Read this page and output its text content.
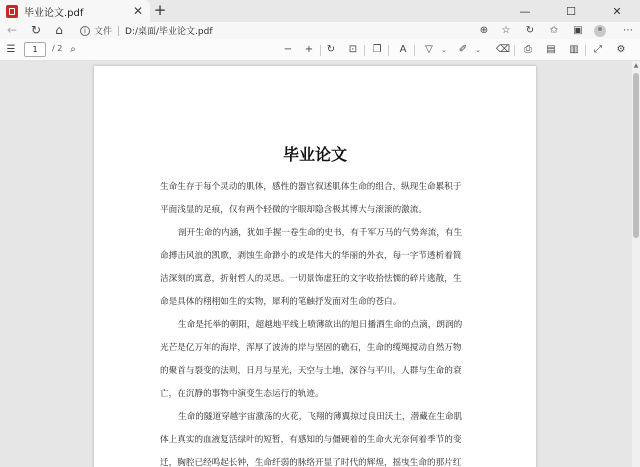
毕业论文.pdf	✕ +	—	☐	✕
←	↻	⌂	i 文件 D:/桌面/毕业论文.pdf	⊕	☆	↻	✩	▣	⋯
☰	1	/ 2 ⌕	−	+	↻	⊡	❐	A	▽	⌄	✐	⌄ ⌫	⎙	▤	▥	⤢	⚙
毕业论文
生命生存于每个灵动的肌体，感性的器官叙述肌体生命的组合，纵现生命累积于
平面浅显的足痕，仅有两个轻微的字眼却隐含极其博大与滚滚的激流。
剖开生命的内涵，犹如手握一卷生命的史书，有千军万马的气势奔流，有生
命搏击风浪的凯歌，剥蚀生命渺小的或是伟大的华丽的外衣，每一字节透析着简
洁深刻的寓意，折射哲人的灵思。一切景饰虚狂的文字收拾怯懦的碎片逃散，生
命是具体的栩栩如生的实物，犀利的笔触抒发面对生命的苍白。
生命是托举的朝阳，超越地平线上喷薄欲出的旭日播洒生命的点滴，朗润的
光芒是亿万年的海岸，浑厚了波涛的岸与坚固的礁石，生命的缆绳搅动自然万物
的聚首与裂变的法则，日月与星光，天空与土地，深谷与平川，人群与生命的衰
亡，在沉静的事物中演变生态运行的轨迹。
生命的隧道穿越宇宙激荡的火花，飞翔的薄翼掠过良田沃土，潜藏在生命肌
体上真实的血液复活绿叶的短暂，有感知的与僵硬着的生命火光奈何着季节的变
迁，胸腔已经鸣起长钟，生命纤弱的脉络开显了时代的辉煌，摇曳生命的那片红
▲
